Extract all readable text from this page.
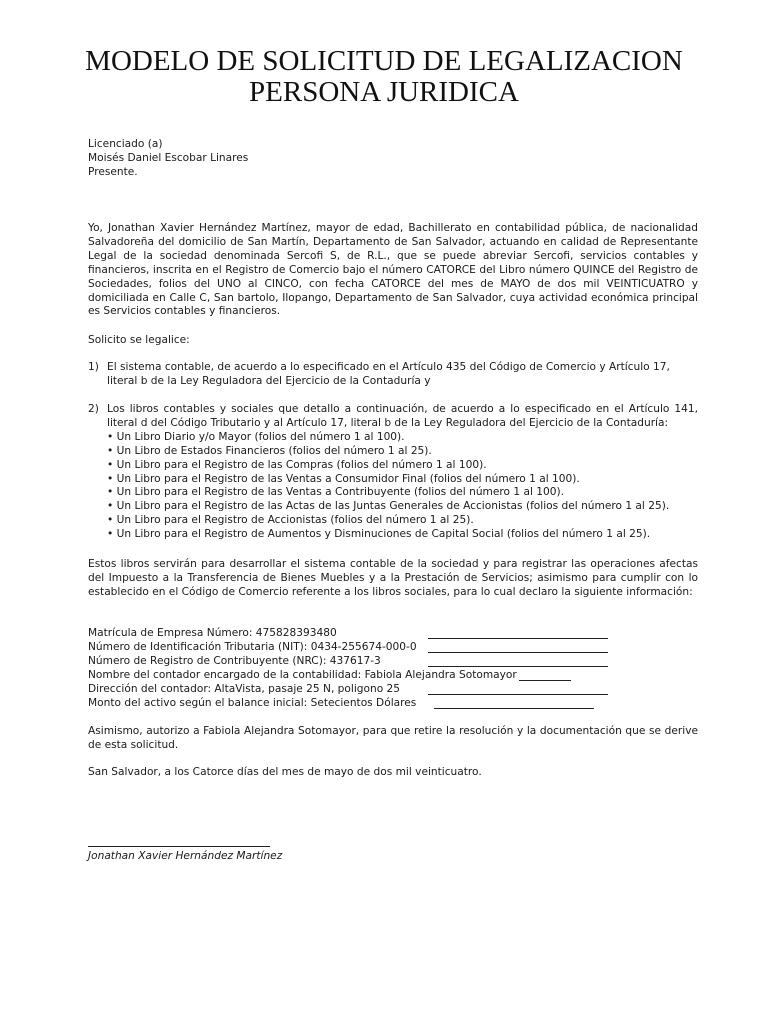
MODELO DE SOLICITUD DE LEGALIZACION
PERSONA JURIDICA
Licenciado (a)
Moisés Daniel Escobar Linares
Presente.
Yo, Jonathan Xavier Hernández Martínez, mayor de edad, Bachillerato en contabilidad pública, de nacionalidad Salvadoreña del domicilio de San Martín, Departamento de San Salvador, actuando en calidad de Representante Legal de la sociedad denominada Sercofi S, de R.L., que se puede abreviar Sercofi, servicios contables y financieros, inscrita en el Registro de Comercio bajo el número CATORCE del Libro número QUINCE del Registro de Sociedades, folios del UNO al CINCO, con fecha CATORCE del mes de MAYO de dos mil VEINTICUATRO y domiciliada en Calle C, San bartolo, Ilopango, Departamento de San Salvador, cuya actividad económica principal es Servicios contables y financieros.
Solicito se legalice:
1) El sistema contable, de acuerdo a lo especificado en el Artículo 435 del Código de Comercio y Artículo 17, literal b de la Ley Reguladora del Ejercicio de la Contaduría y
2) Los libros contables y sociales que detallo a continuación, de acuerdo a lo especificado en el Artículo 141, literal d del Código Tributario y al Artículo 17, literal b de la Ley Reguladora del Ejercicio de la Contaduría:
• Un Libro Diario y/o Mayor (folios del número 1 al 100).
• Un Libro de Estados Financieros (folios del número 1 al 25).
• Un Libro para el Registro de las Compras (folios del número 1 al 100).
• Un Libro para el Registro de las Ventas a Consumidor Final (folios del número 1 al 100).
• Un Libro para el Registro de las Ventas a Contribuyente (folios del número 1 al 100).
• Un Libro para el Registro de las Actas de las Juntas Generales de Accionistas (folios del número 1 al 25).
• Un Libro para el Registro de Accionistas (folios del número 1 al 25).
• Un Libro para el Registro de Aumentos y Disminuciones de Capital Social (folios del número 1 al 25).
Estos libros servirán para desarrollar el sistema contable de la sociedad y para registrar las operaciones afectas del Impuesto a la Transferencia de Bienes Muebles y a la Prestación de Servicios; asimismo para cumplir con lo establecido en el Código de Comercio referente a los libros sociales, para lo cual declaro la siguiente información:
Matrícula de Empresa Número: 475828393480
Número de Identificación Tributaria (NIT): 0434-255674-000-0
Número de Registro de Contribuyente (NRC): 437617-3
Nombre del contador encargado de la contabilidad: Fabiola Alejandra Sotomayor
Dirección del contador: AltaVista, pasaje 25 N, poligono 25
Monto del activo según el balance inicial: Setecientos Dólares
Asimismo, autorizo a Fabiola Alejandra Sotomayor, para que retire la resolución y la documentación que se derive de esta solicitud.
San Salvador, a los Catorce días del mes de mayo de dos mil veinticuatro.
Jonathan Xavier Hernández Martínez
